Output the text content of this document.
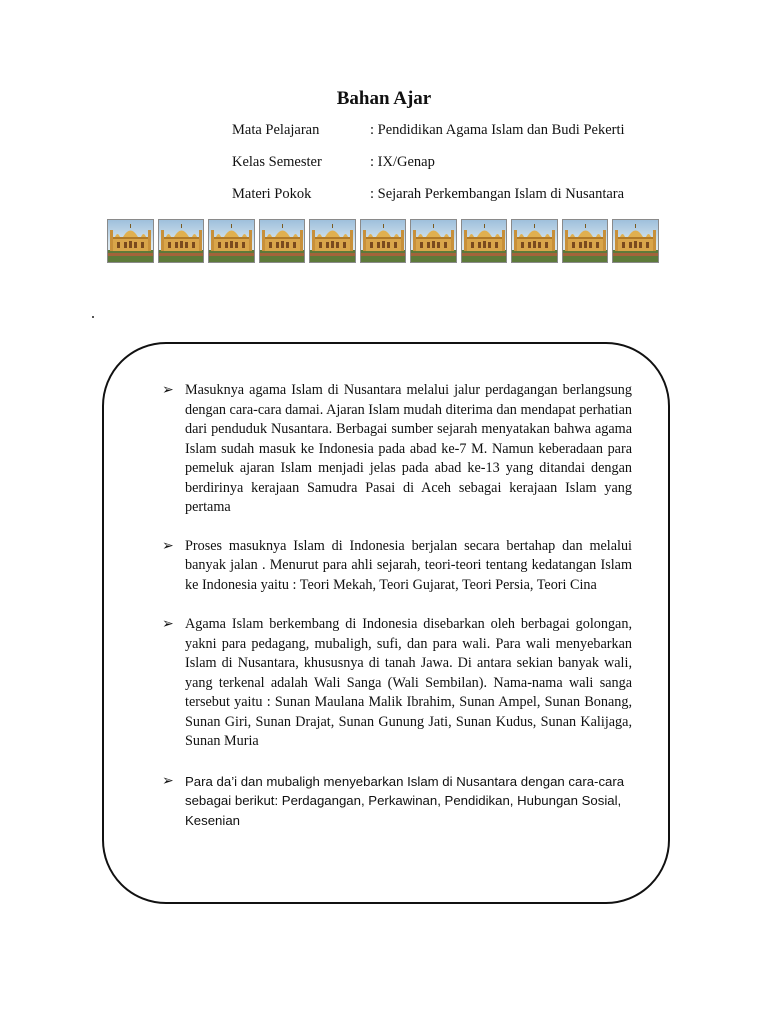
Bahan Ajar
Mata Pelajaran	: Pendidikan Agama Islam dan Budi Pekerti
Kelas Semester	: IX/Genap
Materi Pokok	: Sejarah Perkembangan Islam di Nusantara
➢ Masuknya agama Islam di Nusantara melalui jalur perdagangan berlangsung dengan cara-cara damai. Ajaran Islam mudah diterima dan mendapat perhatian dari penduduk Nusantara. Berbagai sumber sejarah menyatakan bahwa agama Islam sudah masuk ke Indonesia pada abad ke-7 M. Namun keberadaan para pemeluk ajaran Islam menjadi jelas pada abad ke-13 yang ditandai dengan berdirinya kerajaan Samudra Pasai di Aceh sebagai kerajaan Islam yang pertama
➢ Proses masuknya Islam di Indonesia berjalan secara bertahap dan melalui banyak jalan . Menurut para ahli sejarah, teori-teori tentang kedatangan Islam ke Indonesia yaitu : Teori Mekah, Teori Gujarat, Teori Persia, Teori Cina
➢ Agama Islam berkembang di Indonesia disebarkan oleh berbagai golongan, yakni para pedagang, mubaligh, sufi, dan para wali. Para wali menyebarkan Islam di Nusantara, khususnya di tanah Jawa. Di antara sekian banyak wali, yang terkenal adalah Wali Sanga (Wali Sembilan). Nama-nama wali sanga tersebut yaitu : Sunan Maulana Malik Ibrahim, Sunan Ampel, Sunan Bonang, Sunan Giri, Sunan Drajat, Sunan Gunung Jati, Sunan Kudus, Sunan Kalijaga, Sunan Muria
➢ Para da’i dan mubaligh menyebarkan Islam di Nusantara dengan cara-cara sebagai berikut: Perdagangan, Perkawinan, Pendidikan, Hubungan Sosial, Kesenian
